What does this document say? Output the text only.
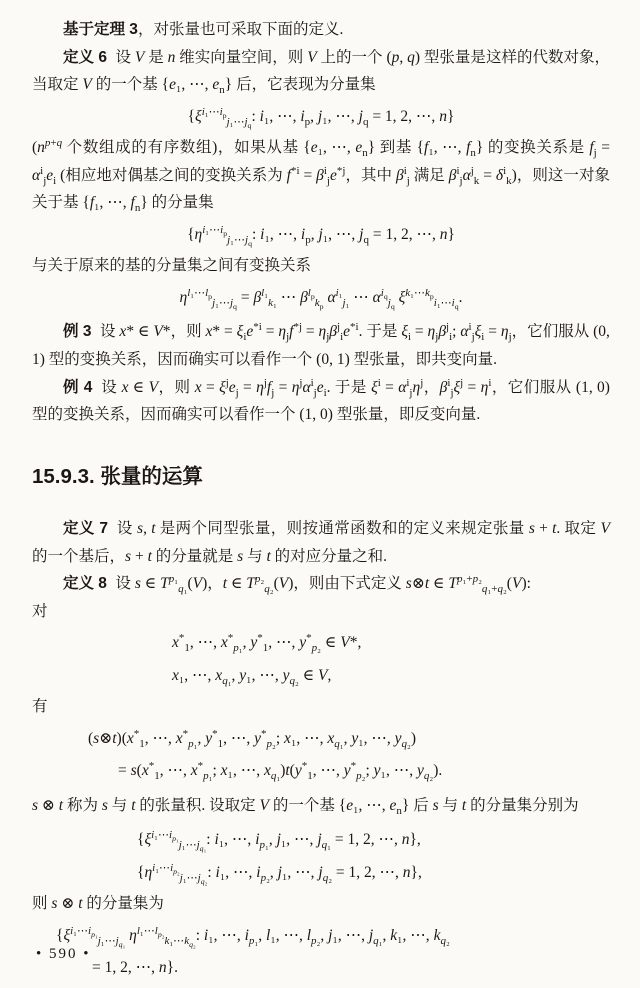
基于定理 3，对张量也可采取下面的定义.

定义 6 设 V 是 n 维实向量空间，则 V 上的一个 (p, q) 型张量是这样的代数对象，当取定 V 的一个基 {e₁, ⋯, $e_n$} 后，它表现为分量集

{$\xi^{i_1\cdots i_p}_{j_1\cdots j_q}$: i₁, ⋯, $i_p$, j₁, ⋯, $j_q = 1$, 2, ⋯, n}

($n^{p+q}$ 个数组成的有序数组)，如果从基 {e₁, ⋯, $e_n$} 到基 {f₁, ⋯, $f_n$} 的变换关系是 $f_j = \alpha^i_je_i$ (相应地对偶基之间的变换关系为 $f^{*i} = \beta^i_je^{*j}$，其中 $\beta^i_j$ 满足 $\beta^i_j\alpha^j_k = \delta^i_k$)，则这一对象关于基 {f₁, ⋯, $f_n$} 的分量集

{$\eta^{i_1\cdots i_p}_{j_1\cdots j_q}$: i₁, ⋯, $i_p$, j₁, ⋯, $j_q = 1$, 2, ⋯, n}

与关于原来的基的分量集之间有变换关系

$\eta^{l_1\cdots l_p}_{j_1\cdots j_q} = \beta^{l_1}_{k_1}$ ⋯ $\beta^{l_p}_{k_p}$ $\alpha^{i_1}_{j_1}$ ⋯ $\alpha^{i_q}_{j_q}$ $\xi^{k_1\cdots k_p}_{i_1\cdots i_q}$.

例 3 设 x* ∈ V*，则 $x* = \xi_ie^{*i} = \eta_jf^{*j} = \eta_j\beta^j_ie^{*i}$. 于是 $\xi_i = \eta_j\beta^j_i$; $\alpha^i_j\xi_i = \eta_j$，它们服从 (0, 1) 型的变换关系，因而确实可以看作一个 (0, 1) 型张量，即共变向量.

例 4 设 x ∈ V，则 $x = \xi^je_j = \eta^jf_j = \eta^j\alpha^i_je_i$. 于是 $\xi^i = \alpha^i_j\eta^j$，$\beta^i_j\xi^j = \eta^i$，它们服从 (1, 0) 型的变换关系，因而确实可以看作一个 (1, 0) 型张量，即反变向量.

15.9.3. 张量的运算

定义 7 设 s, t 是两个同型张量，则按通常函数和的定义来规定张量 s + t. 取定 V 的一个基后，s + t 的分量就是 s 与 t 的对应分量之和.

定义 8 设 s ∈ $T^{p_1}_{q_1}(V)$，t ∈ $T^{p_2}_{q_2}(V)$，则由下式定义 s⊗t ∈ $T^{p_1+p_2}_{q_1+q_2}(V)$:

对

$x^*_1$, ⋯, $x^*_{p_1}$, $y^*_1$, ⋯, $y^*_{p_2}$ ∈ V*,
x₁, ⋯, $x_{q_1}$, y₁, ⋯, $y_{q_2}$ ∈ V,

有

$(s\otimes t)(x^*_1$, ⋯, $x^*_{p_1}$, $y^*_1$, ⋯, $y^*_{p_2}$; x₁, ⋯, $x_{q_1}$, y₁, ⋯, $y_{q_2}$)
= $s(x^*_1$, ⋯, $x^*_{p_1}$; x₁, ⋯, $x_{q_1})t(y^*_1$, ⋯, $y^*_{p_2}$; y₁, ⋯, $y_{q_2}$).

s ⊗ t 称为 s 与 t 的张量积. 设取定 V 的一个基 {e₁, ⋯, $e_n$} 后 s 与 t 的分量集分别为

{$\xi^{i_1\cdots i_{p_1}}_{j_1\cdots j_{q_1}}$: i₁, ⋯, $i_{p_1}$, j₁, ⋯, $j_{q_1} = 1$, 2, ⋯, n},
{$\eta^{i_1\cdots i_{p_2}}_{j_1\cdots j_{q_2}}$: i₁, ⋯, $i_{p_2}$, j₁, ⋯, $j_{q_2} = 1$, 2, ⋯, n},

则 s ⊗ t 的分量集为

{$\xi^{i_1\cdots i_{p_1}}_{j_1\cdots j_{q_1}}$ $\eta^{l_1\cdots l_{p_2}}_{k_1\cdots k_{q_2}}$: i₁, ⋯, $i_{p_1}$, l₁, ⋯, $l_{p_2}$, j₁, ⋯, $j_{q_1}$, k₁, ⋯, $k_{q_2}$
= 1, 2, ⋯, n}.
• 590 •
